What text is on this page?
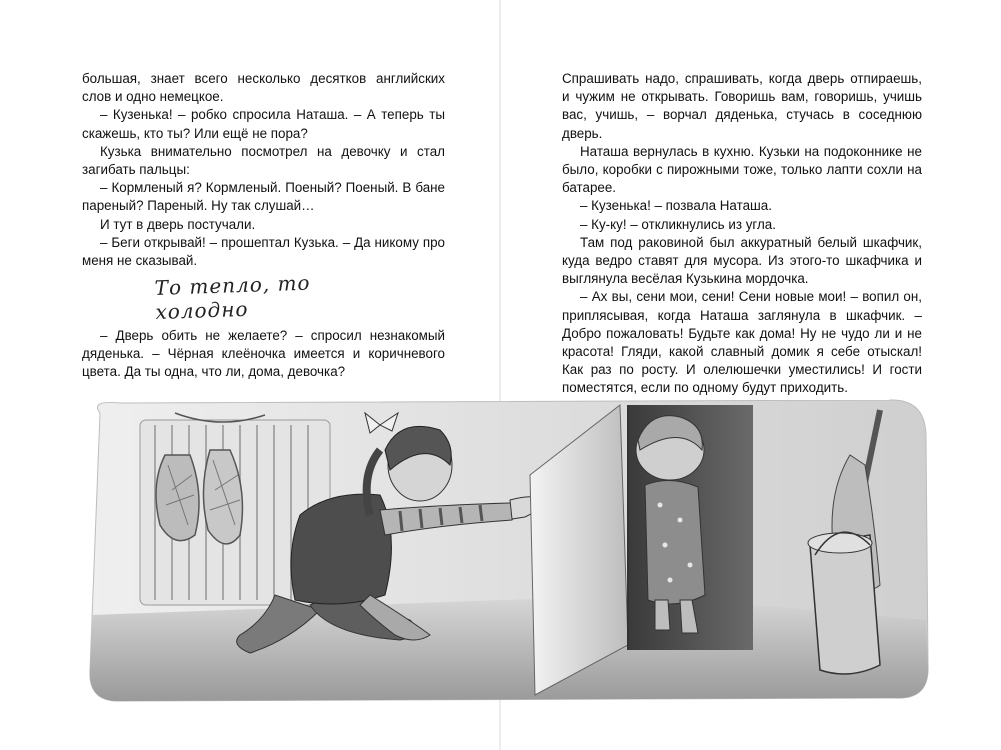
большая, знает всего несколько десятков английских слов и одно немецкое.

– Кузенька! – робко спросила Наташа. – А теперь ты скажешь, кто ты? Или ещё не пора?

Кузька внимательно посмотрел на девочку и стал загибать пальцы:

– Кормленый я? Кормленый. Поеный? Поеный. В бане пареный? Пареный. Ну так слушай…

И тут в дверь постучали.

– Беги открывай! – прошептал Кузька. – Да никому про меня не сказывай.

То тепло, то холодно

– Дверь обить не желаете? – спросил незнакомый дяденька. – Чёрная клеёночка имеется и коричневого цвета. Да ты одна, что ли, дома, девочка?

Спрашивать надо, спрашивать, когда дверь отпираешь, и чужим не открывать. Говоришь вам, говоришь, учишь вас, учишь, – ворчал дяденька, стучась в соседнюю дверь.

Наташа вернулась в кухню. Кузьки на подоконнике не было, коробки с пирожными тоже, только лапти сохли на батарее.

– Кузенька! – позвала Наташа.

– Ку-ку! – откликнулись из угла.

Там под раковиной был аккуратный белый шкафчик, куда ведро ставят для мусора. Из этого-то шкафчика и выглянула весёлая Кузькина мордочка.

– Ах вы, сени мои, сени! Сени новые мои! – вопил он, приплясывая, когда Наташа заглянула в шкафчик. – Добро пожаловать! Будьте как дома! Ну не чудо ли и не красота! Гляди, какой славный домик я себе отыскал! Как раз по росту. И олелюшечки уместились! И гости поместятся, если по одному будут приходить.
